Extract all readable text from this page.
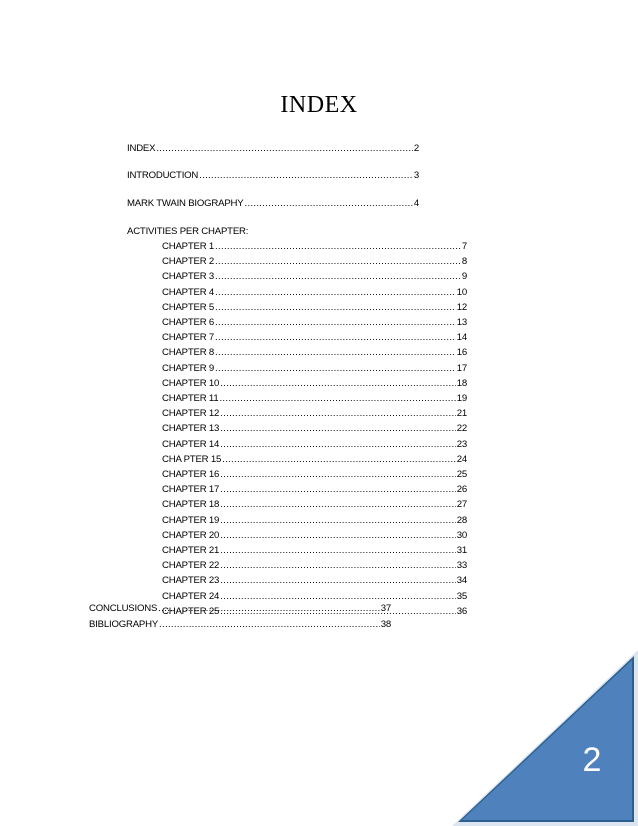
INDEX
INDEX .....	2
INTRODUCTION .....	3
MARK TWAIN BIOGRAPHY .....	4
ACTIVITIES PER CHAPTER:
CHAPTER 1 .....	7
CHAPTER 2 .....	8
CHAPTER 3 .....	9
CHAPTER 4 .....	10
CHAPTER 5 .....	12
CHAPTER 6 .....	13
CHAPTER 7 .....	14
CHAPTER 8 .....	16
CHAPTER 9 .....	17
CHAPTER 10 .....	18
CHAPTER 11 .....	19
CHAPTER 12 .....	21
CHAPTER 13 .....	22
CHAPTER 14 .....	23
CHA PTER 15 .....	24
CHAPTER 16 .....	25
CHAPTER 17 .....	26
CHAPTER 18 .....	27
CHAPTER 19 .....	28
CHAPTER 20 .....	30
CHAPTER 21 .....	31
CHAPTER 22 .....	33
CHAPTER 23 .....	34
CHAPTER 24 .....	35
CHAPTER 25 .....	36
CONCLUSIONS .....	37
BIBLIOGRAPHY .....	38
2
